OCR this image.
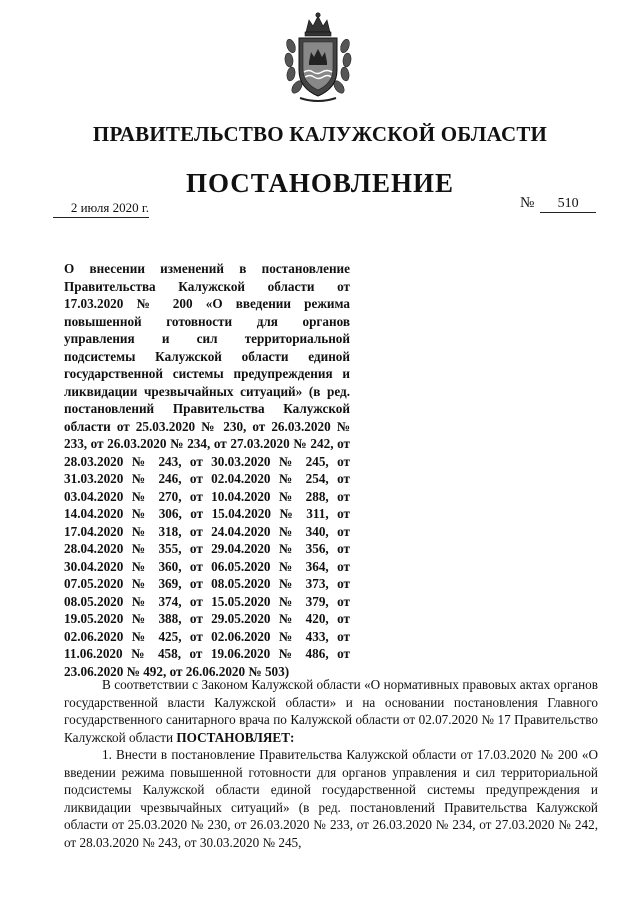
ПРАВИТЕЛЬСТВО КАЛУЖСКОЙ ОБЛАСТИ
ПОСТАНОВЛЕНИЕ
2 июля 2020 г.	№ 510

О внесении изменений в постановление Правительства Калужской области от 17.03.2020 № 200 «О введении режима повышенной готовности для органов управления и сил территориальной подсистемы Калужской области единой государственной системы предупреждения и ликвидации чрезвычайных ситуаций» (в ред. постановлений Правительства Калужской области от 25.03.2020 № 230, от 26.03.2020 № 233, от 26.03.2020 № 234, от 27.03.2020 № 242, от 28.03.2020 № 243, от 30.03.2020 № 245, от 31.03.2020 № 246, от 02.04.2020 № 254, от 03.04.2020 № 270, от 10.04.2020 № 288, от 14.04.2020 № 306, от 15.04.2020 № 311, от 17.04.2020 № 318, от 24.04.2020 № 340, от 28.04.2020 № 355, от 29.04.2020 № 356, от 30.04.2020 № 360, от 06.05.2020 № 364, от 07.05.2020 № 369, от 08.05.2020 № 373, от 08.05.2020 № 374, от 15.05.2020 № 379, от 19.05.2020 № 388, от 29.05.2020 № 420, от 02.06.2020 № 425, от 02.06.2020 № 433, от 11.06.2020 № 458, от 19.06.2020 № 486, от 23.06.2020 № 492, от 26.06.2020 № 503)

В соответствии с Законом Калужской области «О нормативных правовых актах органов государственной власти Калужской области» и на основании постановления Главного государственного санитарного врача по Калужской области от 02.07.2020 № 17 Правительство Калужской области ПОСТАНОВЛЯЕТ:

1. Внести в постановление Правительства Калужской области от 17.03.2020 № 200 «О введении режима повышенной готовности для органов управления и сил территориальной подсистемы Калужской области единой государственной системы предупреждения и ликвидации чрезвычайных ситуаций» (в ред. постановлений Правительства Калужской области от 25.03.2020 № 230, от 26.03.2020 № 233, от 26.03.2020 № 234, от 27.03.2020 № 242, от 28.03.2020 № 243, от 30.03.2020 № 245,
